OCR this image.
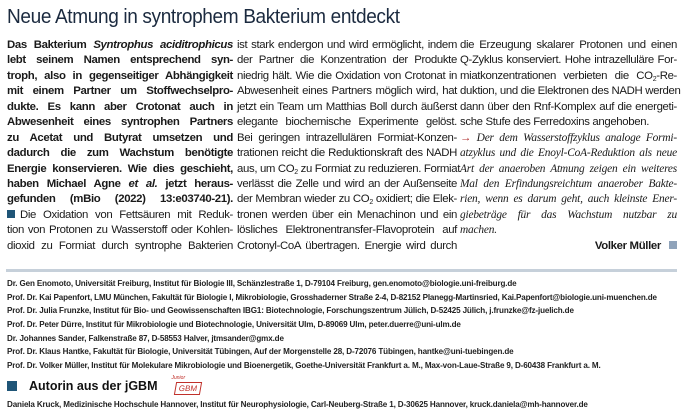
Neue Atmung in syntrophem Bakterium entdeckt
Das Bakterium Syntrophus aciditrophicus
lebt seinem Namen entsprechend syn-
troph, also in gegenseitiger Abhängigkeit
mit einem Partner um Stoffwechselpro-
dukte. Es kann aber Crotonat auch in
Abwesenheit eines syntrophen Partners
zu Acetat und Butyrat umsetzen und
dadurch die zum Wachstum benötigte
Energie konservieren. Wie dies geschieht,
haben Michael Agne et al. jetzt heraus-
gefunden (mBio (2022) 13:e03740-21).
Die Oxidation von Fettsäuren mit Reduk-
tion von Protonen zu Wasserstoff oder Kohlen-
dioxid zu Formiat durch syntrophe Bakterien
ist stark endergon und wird ermöglicht, indem
der Partner die Konzentration der Produkte
niedrig hält. Wie die Oxidation von Crotonat in
Abwesenheit eines Partners möglich wird, hat
jetzt ein Team um Matthias Boll durch äußerst
elegante biochemische Experimente gelöst.
Bei geringen intrazellulären Formiat-Konzen-
trationen reicht die Reduktionskraft des NADH
aus, um $CO_2$ zu Formiat zu reduzieren. Formiat
verlässt die Zelle und wird an der Außenseite
der Membran wieder zu $CO_2$ oxidiert; die Elek-
tronen werden über ein Menachinon und ein
lösliches Elektronentransfer-Flavoprotein auf
Crotonyl-CoA übertragen. Energie wird durch
die Erzeugung skalarer Protonen und einen
Q-Zyklus konserviert. Hohe intrazelluläre For-
miatkonzentrationen verbieten die $CO_2-Re-$
duktion, und die Elektronen des NADH werden
dann über den Rnf-Komplex auf die energeti-
sche Stufe des Ferredoxins angehoben.
→ Der dem Wasserstoffzyklus analoge Formi-
atzyklus und die Enoyl-CoA-Reduktion als neue
Art der anaeroben Atmung zeigen ein weiteres
Mal den Erfindungsreichtum anaerober Bakte-
rien, wenn es darum geht, auch kleinste Ener-
giebeträge für das Wachstum nutzbar zu
machen.
Volker Müller
Dr. Gen Enomoto, Universität Freiburg, Institut für Biologie III, Schänzlestraße 1, D-79104 Freiburg, gen.enomoto@biologie.uni-freiburg.de
Prof. Dr. Kai Papenfort, LMU München, Fakultät für Biologie I, Mikrobiologie, Grosshaderner Straße 2-4, D-82152 Planegg-Martinsried, Kai.Papenfort@biologie.uni-muenchen.de
Prof. Dr. Julia Frunzke, Institut für Bio- und Geowissenschaften IBG1: Biotechnologie, Forschungszentrum Jülich, D-52425 Jülich, j.frunzke@fz-juelich.de
Prof. Dr. Peter Dürre, Institut für Mikrobiologie und Biotechnologie, Universität Ulm, D-89069 Ulm, peter.duerre@uni-ulm.de
Dr. Johannes Sander, Falkenstraße 87, D-58553 Halver, jtmsander@gmx.de
Prof. Dr. Klaus Hantke, Fakultät für Biologie, Universität Tübingen, Auf der Morgenstelle 28, D-72076 Tübingen, hantke@uni-tuebingen.de
Prof. Dr. Volker Müller, Institut für Molekulare Mikrobiologie und Bioenergetik, Goethe-Universität Frankfurt a. M., Max-von-Laue-Straße 9, D-60438 Frankfurt a. M.
Autorin aus der jGBM
Junior
GBM
Daniela Kruck, Medizinische Hochschule Hannover, Institut für Neurophysiologie, Carl-Neuberg-Straße 1, D-30625 Hannover, kruck.daniela@mh-hannover.de
